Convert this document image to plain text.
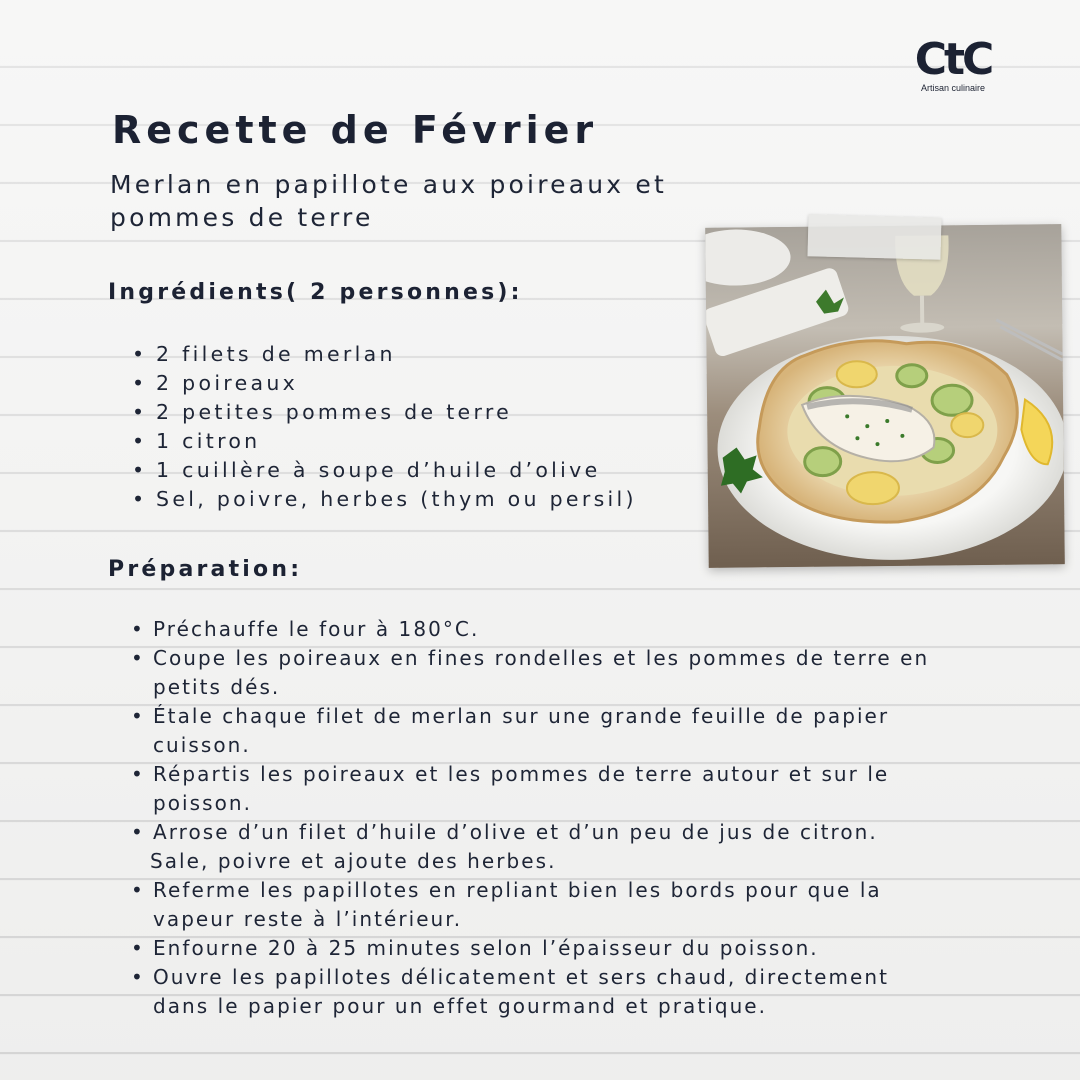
CtC
Artisan culinaire
Recette de Février

Merlan en papillote aux poireaux et pommes de terre

Ingrédients( 2 personnes):
• 2 filets de merlan
• 2 poireaux
• 2 petites pommes de terre
• 1 citron
• 1 cuillère à soupe d’huile d’olive
• Sel, poivre, herbes (thym ou persil)
Préparation:
• Préchauffe le four à 180°C.
• Coupe les poireaux en fines rondelles et les pommes de terre en
petits dés.
• Étale chaque filet de merlan sur une grande feuille de papier
cuisson.
• Répartis les poireaux et les pommes de terre autour et sur le
poisson.
• Arrose d’un filet d’huile d’olive et d’un peu de jus de citron.
Sale, poivre et ajoute des herbes.
• Referme les papillotes en repliant bien les bords pour que la
vapeur reste à l’intérieur.
• Enfourne 20 à 25 minutes selon l’épaisseur du poisson.
• Ouvre les papillotes délicatement et sers chaud, directement
dans le papier pour un effet gourmand et pratique.
